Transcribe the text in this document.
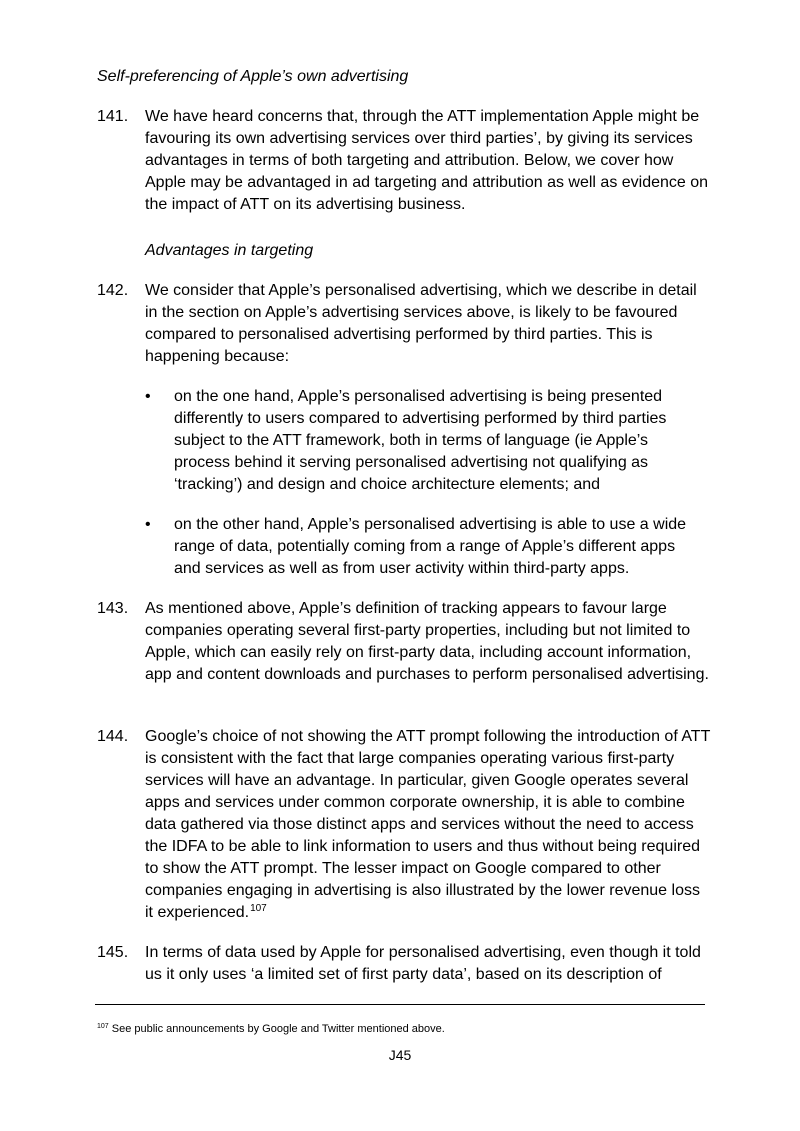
Self-preferencing of Apple’s own advertising
141.	We have heard concerns that, through the ATT implementation Apple might be favouring its own advertising services over third parties’, by giving its services advantages in terms of both targeting and attribution. Below, we cover how Apple may be advantaged in ad targeting and attribution as well as evidence on the impact of ATT on its advertising business.
Advantages in targeting
142.	We consider that Apple’s personalised advertising, which we describe in detail in the section on Apple’s advertising services above, is likely to be favoured compared to personalised advertising performed by third parties. This is happening because:
•	on the one hand, Apple’s personalised advertising is being presented differently to users compared to advertising performed by third parties subject to the ATT framework, both in terms of language (ie Apple’s process behind it serving personalised advertising not qualifying as ‘tracking’) and design and choice architecture elements; and
•	on the other hand, Apple’s personalised advertising is able to use a wide range of data, potentially coming from a range of Apple’s different apps and services as well as from user activity within third-party apps.
143.	As mentioned above, Apple’s definition of tracking appears to favour large companies operating several first-party properties, including but not limited to Apple, which can easily rely on first-party data, including account information, app and content downloads and purchases to perform personalised advertising.
144.	Google’s choice of not showing the ATT prompt following the introduction of ATT is consistent with the fact that large companies operating various first-party services will have an advantage. In particular, given Google operates several apps and services under common corporate ownership, it is able to combine data gathered via those distinct apps and services without the need to access the IDFA to be able to link information to users and thus without being required to show the ATT prompt. The lesser impact on Google compared to other companies engaging in advertising is also illustrated by the lower revenue loss it experienced.$^{107}$
145.	In terms of data used by Apple for personalised advertising, even though it told us it only uses ‘a limited set of first party data’, based on its description of
$^{107}$ See public announcements by Google and Twitter mentioned above.
J45
